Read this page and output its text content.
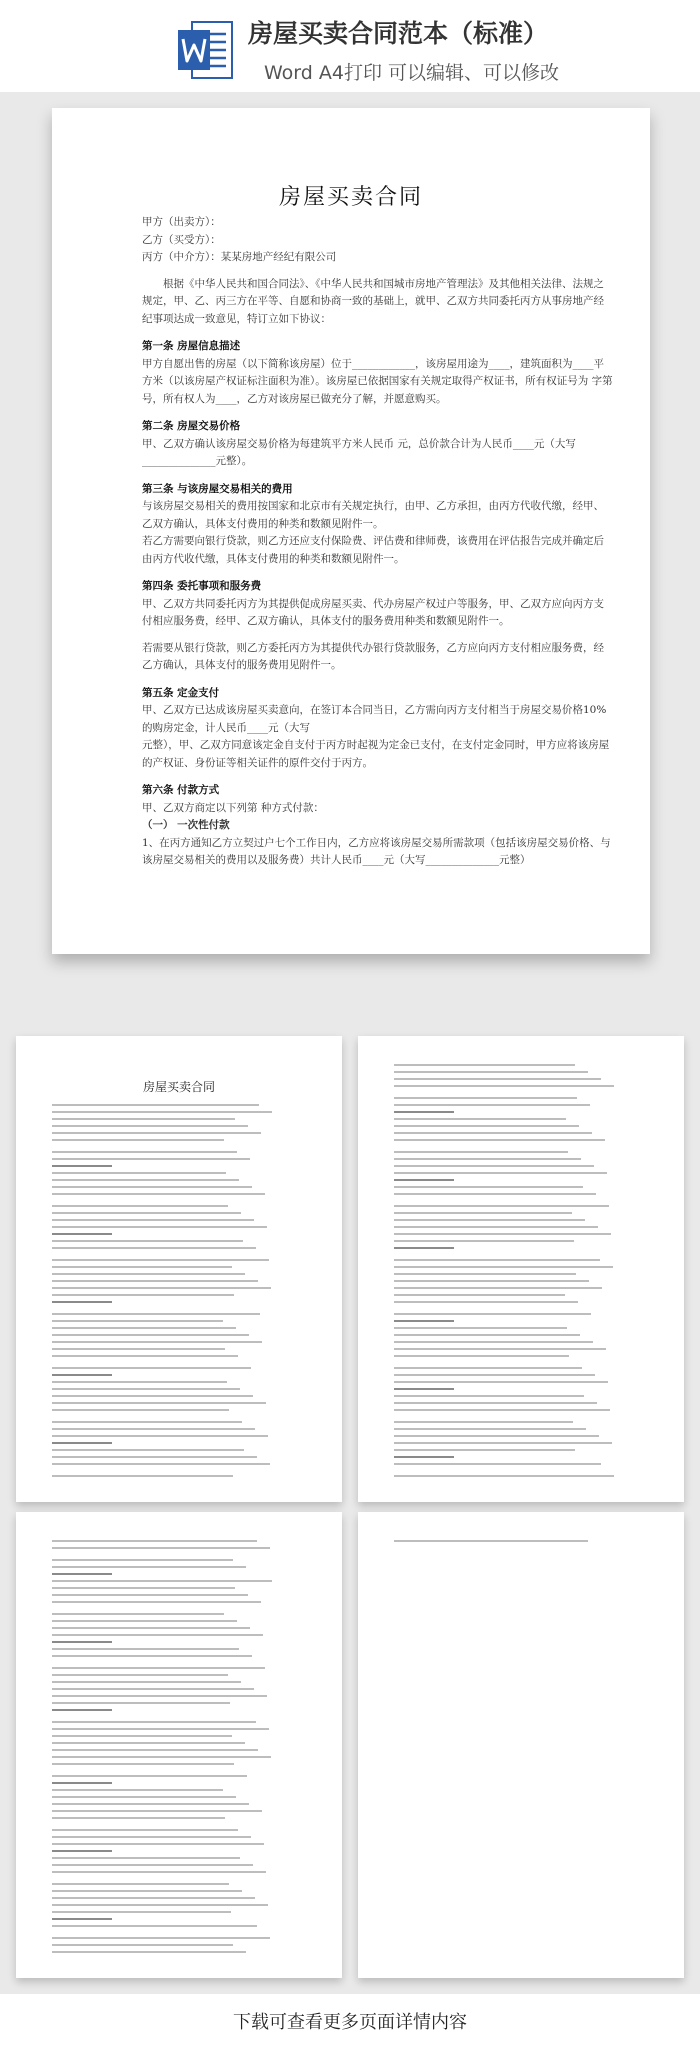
房屋买卖合同范本（标准）
Word A4打印 可以编辑、可以修改
房屋买卖合同

甲方（出卖方）：

乙方（买受方）：

丙方（中介方）：某某房地产经纪有限公司

根据《中华人民共和国合同法》、《中华人民共和国城市房地产管理法》及其他相关法律、法规之规定，甲、乙、丙三方在平等、自愿和协商一致的基础上，就甲、乙双方共同委托丙方从事房地产经纪事项达成一致意见，特订立如下协议：

第一条 房屋信息描述

甲方自愿出售的房屋（以下简称该房屋）位于____________，该房屋用途为____，建筑面积为____平方米（以该房屋产权证标注面积为准）。该房屋已依据国家有关规定取得产权证书，所有权证号为 字第 号，所有权人为____，乙方对该房屋已做充分了解，并愿意购买。

第二条 房屋交易价格

甲、乙双方确认该房屋交易价格为每建筑平方米人民币 元，总价款合计为人民币____元（大写______________元整）。

第三条 与该房屋交易相关的费用

与该房屋交易相关的费用按国家和北京市有关规定执行，由甲、乙方承担，由丙方代收代缴，经甲、乙双方确认，具体支付费用的种类和数额见附件一。

若乙方需要向银行贷款，则乙方还应支付保险费、评估费和律师费，该费用在评估报告完成并确定后由丙方代收代缴，具体支付费用的种类和数额见附件一。

第四条 委托事项和服务费

甲、乙双方共同委托丙方为其提供促成房屋买卖、代办房屋产权过户等服务，甲、乙双方应向丙方支付相应服务费，经甲、乙双方确认，具体支付的服务费用种类和数额见附件一。

若需要从银行贷款，则乙方委托丙方为其提供代办银行贷款服务，乙方应向丙方支付相应服务费，经乙方确认，具体支付的服务费用见附件一。

第五条 定金支付

甲、乙双方已达成该房屋买卖意向，在签订本合同当日，乙方需向丙方支付相当于房屋交易价格10%的购房定金，计人民币____元（大写

元整），甲、乙双方同意该定金自支付于丙方时起视为定金已支付，在支付定金同时，甲方应将该房屋的产权证、身份证等相关证件的原件交付于丙方。

第六条 付款方式

甲、乙双方商定以下列第 种方式付款：

（一） 一次性付款

1、在丙方通知乙方立契过户七个工作日内，乙方应将该房屋交易所需款项（包括该房屋交易价格、与该房屋交易相关的费用以及服务费）共计人民币____元（大写______________元整）

房屋买卖合同
下载可查看更多页面详情内容
